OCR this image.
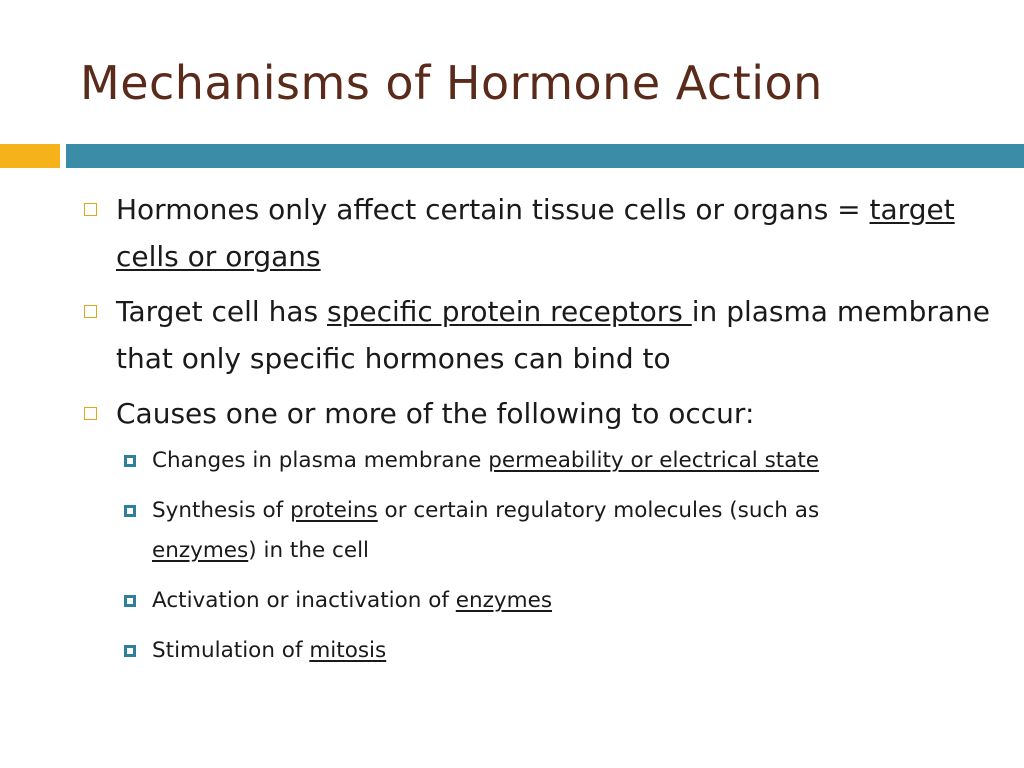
Mechanisms of Hormone Action
Hormones only affect certain tissue cells or organs = target cells or organs
Target cell has specific protein receptors in plasma membrane that only specific hormones can bind to
Causes one or more of the following to occur:
Changes in plasma membrane permeability or electrical state
Synthesis of proteins or certain regulatory molecules (such as
enzymes) in the cell
Activation or inactivation of enzymes
Stimulation of mitosis
